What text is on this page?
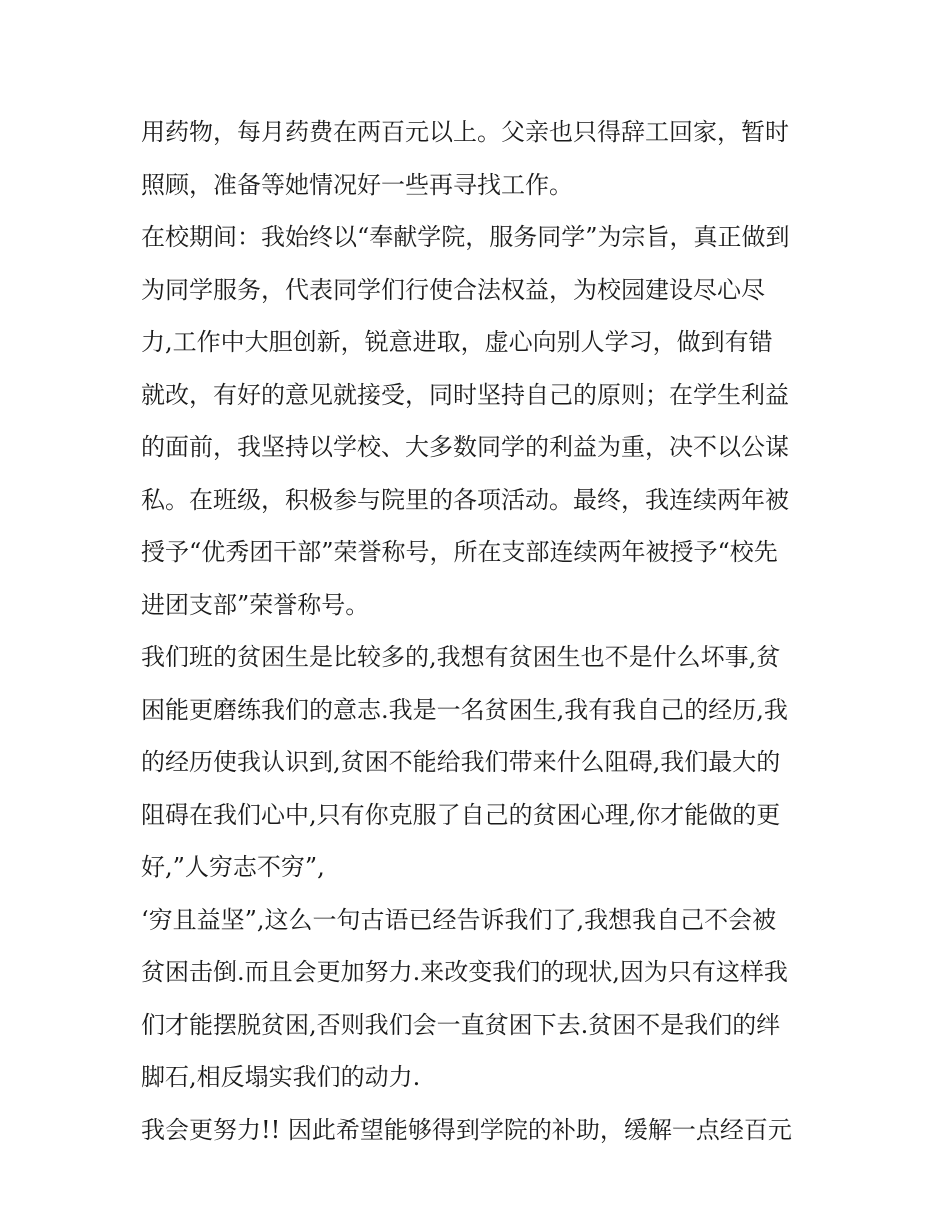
用药物，每月药费在两百元以上。父亲也只得辞工回家，暂时
照顾，准备等她情况好一些再寻找工作。
在校期间：我始终以“奉献学院，服务同学”为宗旨，真正做到
为同学服务，代表同学们行使合法权益，为校园建设尽心尽
力,工作中大胆创新，锐意进取，虚心向别人学习，做到有错
就改，有好的意见就接受，同时坚持自己的原则；在学生利益
的面前，我坚持以学校、大多数同学的利益为重，决不以公谋
私。在班级，积极参与院里的各项活动。最终，我连续两年被
授予“优秀团干部”荣誉称号，所在支部连续两年被授予“校先
进团支部”荣誉称号。
我们班的贫困生是比较多的,我想有贫困生也不是什么坏事,贫
困能更磨练我们的意志.我是一名贫困生,我有我自己的经历,我
的经历使我认识到,贫困不能给我们带来什么阻碍,我们最大的
阻碍在我们心中,只有你克服了自己的贫困心理,你才能做的更
好,”人穷志不穷”,
‘穷且益坚”,这么一句古语已经告诉我们了,我想我自己不会被
贫困击倒.而且会更加努力.来改变我们的现状,因为只有这样我
们才能摆脱贫困,否则我们会一直贫困下去.贫困不是我们的绊
脚石,相反塌实我们的动力.
我会更努力!! 因此希望能够得到学院的补助，缓解一点经百元
